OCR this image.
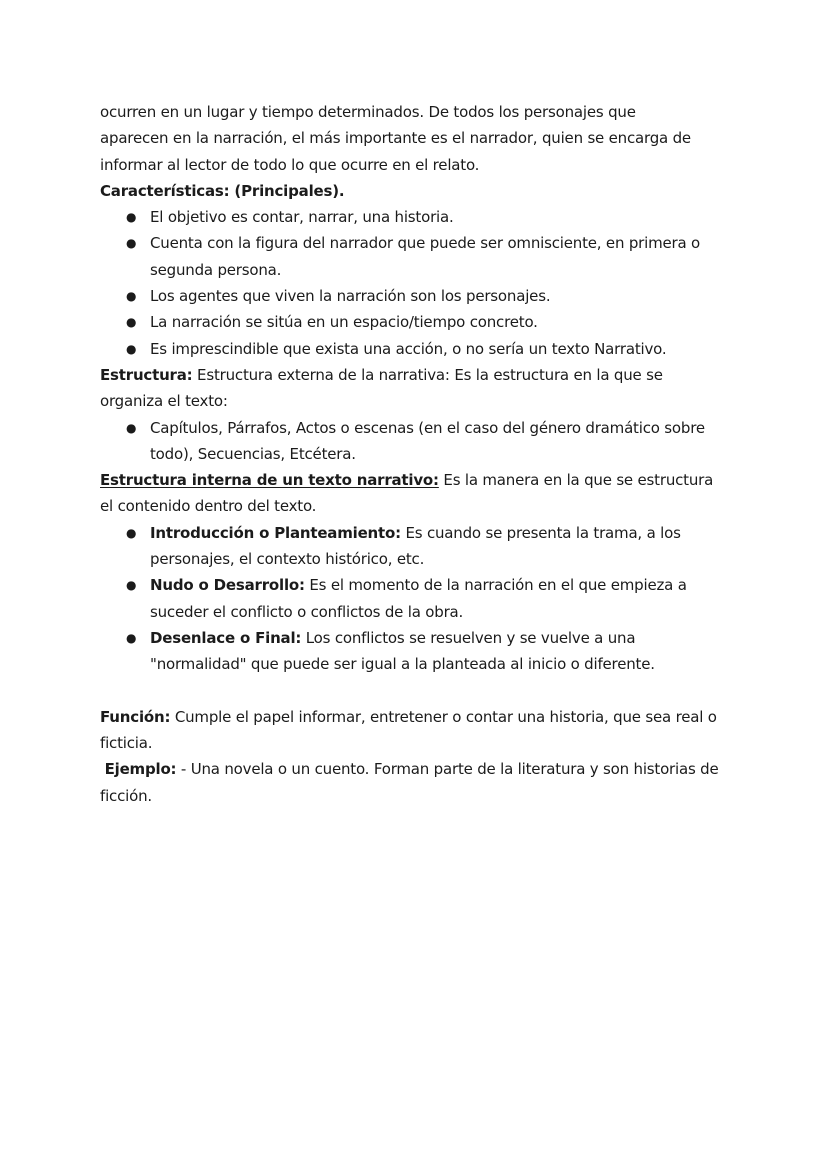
ocurren en un lugar y tiempo determinados. De todos los personajes que
aparecen en la narración, el más importante es el narrador, quien se encarga de
informar al lector de todo lo que ocurre en el relato.

Características: (Principales).

● El objetivo es contar, narrar, una historia.
● Cuenta con la figura del narrador que puede ser omnisciente, en primera o segunda persona.
● Los agentes que viven la narración son los personajes.
● La narración se sitúa en un espacio/tiempo concreto.
● Es imprescindible que exista una acción, o no sería un texto Narrativo.

Estructura: Estructura externa de la narrativa: Es la estructura en la que se organiza el texto:

● Capítulos, Párrafos, Actos o escenas (en el caso del género dramático sobre todo), Secuencias, Etcétera.

Estructura interna de un texto narrativo: Es la manera en la que se estructura el contenido dentro del texto.

● Introducción o Planteamiento: Es cuando se presenta la trama, a los personajes, el contexto histórico, etc.
● Nudo o Desarrollo: Es el momento de la narración en el que empieza a suceder el conflicto o conflictos de la obra.
● Desenlace o Final: Los conflictos se resuelven y se vuelve a una "normalidad" que puede ser igual a la planteada al inicio o diferente.

Función: Cumple el papel informar, entretener o contar una historia, que sea real o ficticia.

Ejemplo: - Una novela o un cuento. Forman parte de la literatura y son historias de ficción.
